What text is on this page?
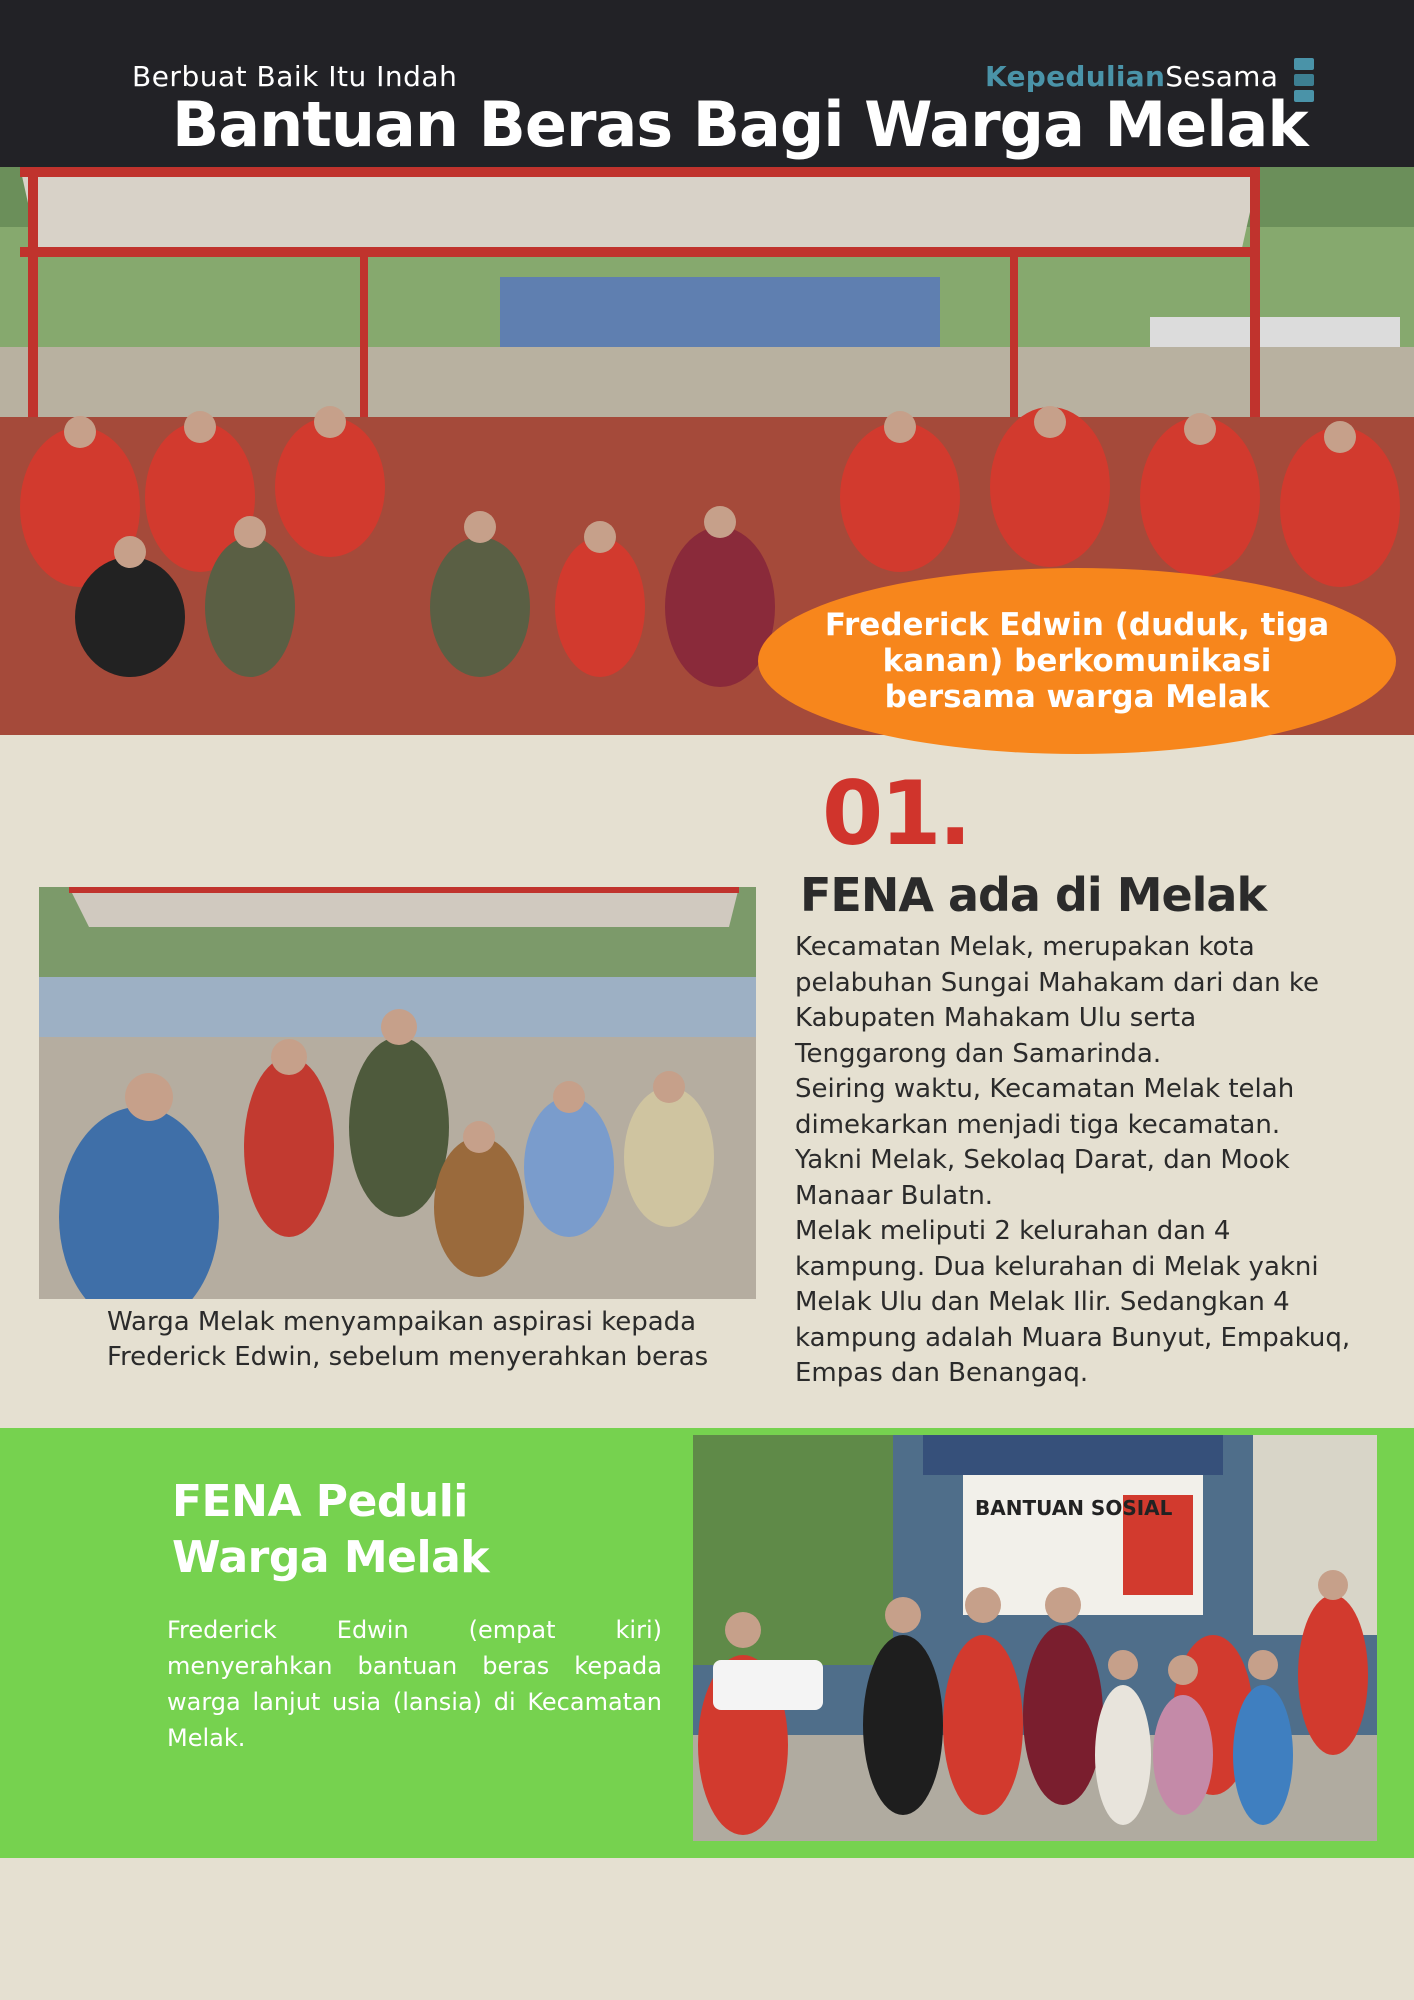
Berbuat Baik Itu Indah	KepedulianSesama
Bantuan Beras Bagi Warga Melak
Frederick Edwin (duduk, tiga kanan) berkomunikasi bersama warga Melak
01.
FENA ada di Melak

Kecamatan Melak, merupakan kota pelabuhan Sungai Mahakam dari dan ke Kabupaten Mahakam Ulu serta Tenggarong dan Samarinda.

Seiring waktu, Kecamatan Melak telah dimekarkan menjadi tiga kecamatan. Yakni Melak, Sekolaq Darat, dan Mook Manaar Bulatn.

Melak meliputi 2 kelurahan dan 4 kampung. Dua kelurahan di Melak yakni Melak Ulu dan Melak Ilir. Sedangkan 4 kampung adalah Muara Bunyut, Empakuq, Empas dan Benangaq.

Warga Melak menyampaikan aspirasi kepada Frederick Edwin, sebelum menyerahkan beras
FENA Peduli
Warga Melak
Frederick Edwin (empat kiri) menyerahkan bantuan beras kepada warga lanjut usia (lansia) di Kecamatan Melak.
BANTUAN SOSIAL
